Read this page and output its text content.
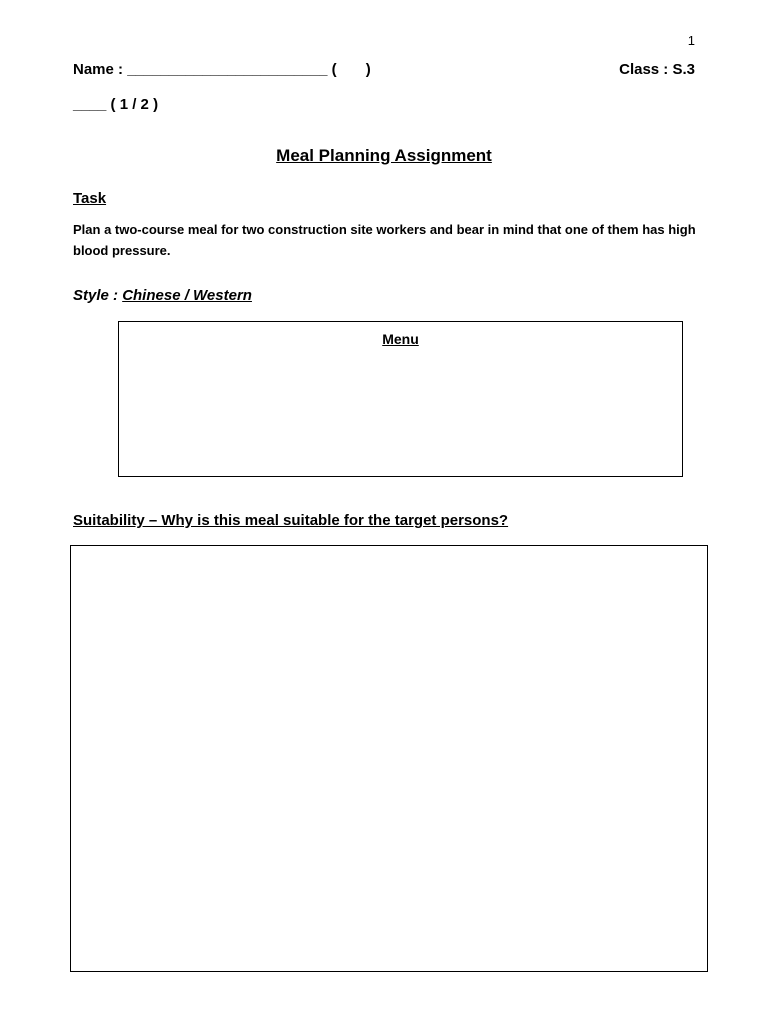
1
Name : ________________________ ( )	Class : S.3
____ ( 1 / 2 )
Meal Planning Assignment
Task
Plan a two-course meal for two construction site workers and bear in mind that one of them has high blood pressure.
Style : Chinese / Western
Menu
Suitability – Why is this meal suitable for the target persons?
